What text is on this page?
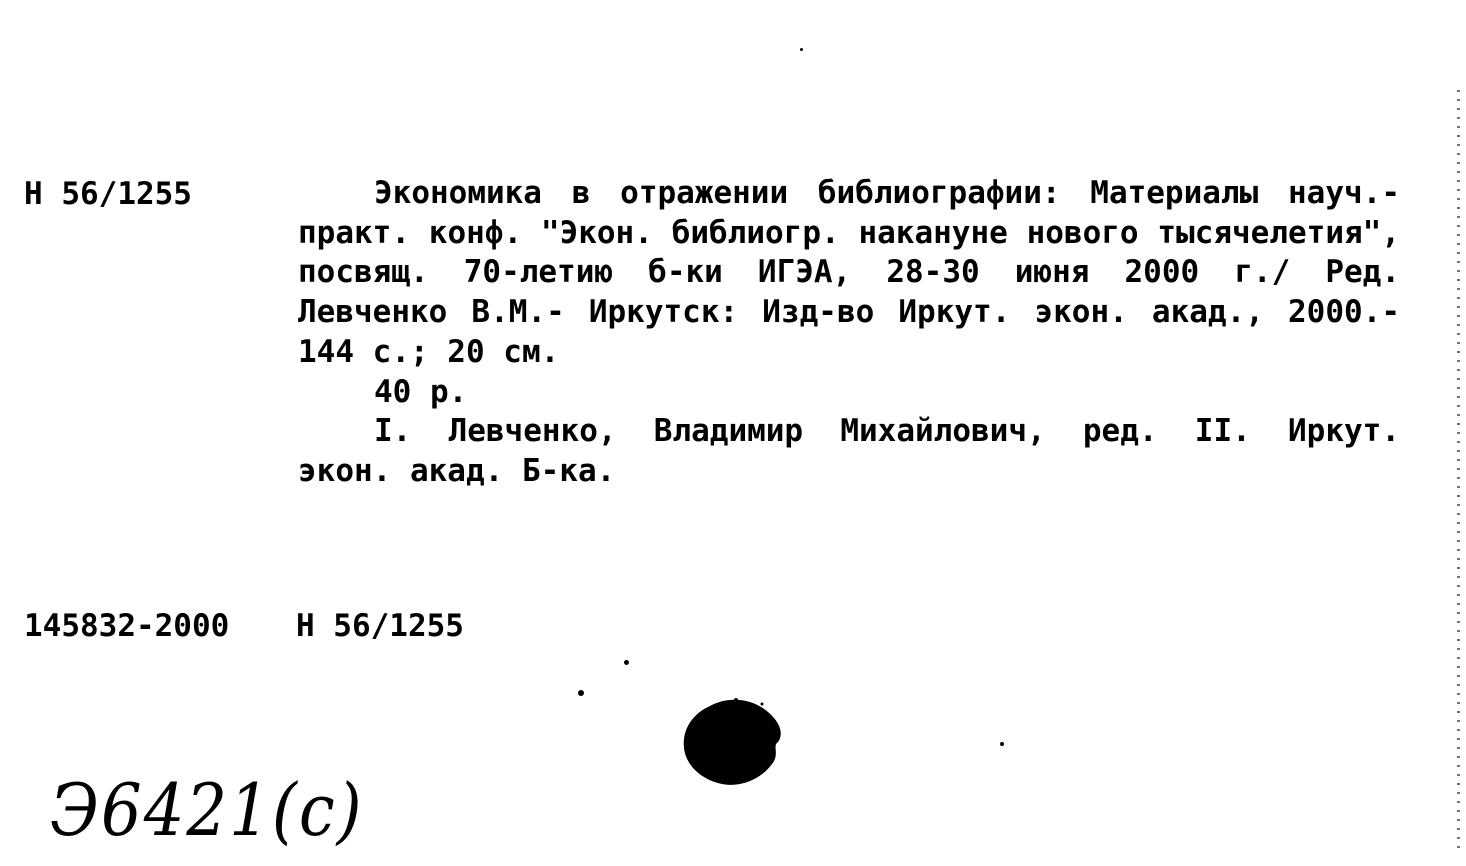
Н 56/1255	Экономика в отражении библиографии: Материалы науч.- практ. конф. "Экон. библиогр. накануне нового тысячелетия", посвящ. 70-летию б-ки ИГЭА, 28-30 июня 2000 г./ Ред. Левченко В.М.- Иркутск: Изд-во Иркут. экон. акад., 2000.- 144 с.; 20 см.

40 р.

I. Левченко, Владимир Михайлович, ред. II. Иркут. экон. акад. Б-ка.

145832-2000 Н 56/1255
Э6421(с)
